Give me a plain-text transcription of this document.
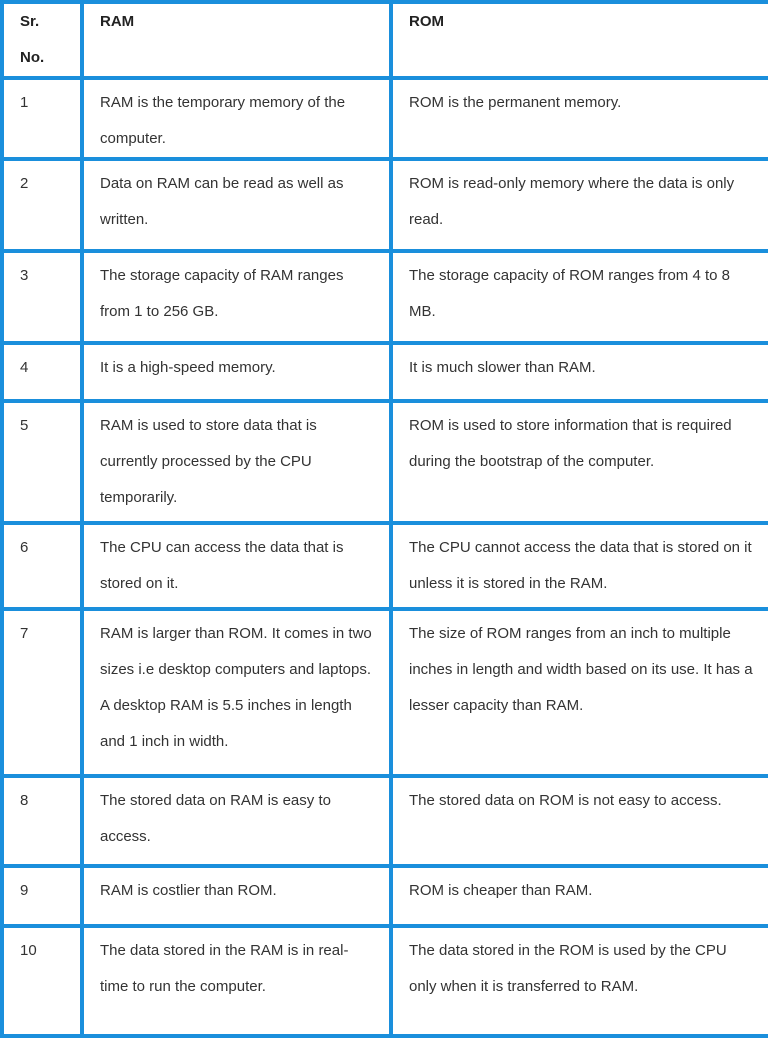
Sr. No.	RAM	ROM
1	RAM is the temporary memory of the computer.	ROM is the permanent memory.
2	Data on RAM can be read as well as written.	ROM is read-only memory where the data is only read.
3	The storage capacity of RAM ranges from 1 to 256 GB.	The storage capacity of ROM ranges from 4 to 8 MB.
4	It is a high-speed memory.	It is much slower than RAM.
5	RAM is used to store data that is currently processed by the CPU temporarily.	ROM is used to store information that is required during the bootstrap of the computer.
6	The CPU can access the data that is stored on it.	The CPU cannot access the data that is stored on it unless it is stored in the RAM.
7	RAM is larger than ROM. It comes in two sizes i.e desktop computers and laptops. A desktop RAM is 5.5 inches in length and 1 inch in width.	The size of ROM ranges from an inch to multiple inches in length and width based on its use. It has a lesser capacity than RAM.
8	The stored data on RAM is easy to access.	The stored data on ROM is not easy to access.
9	RAM is costlier than ROM.	ROM is cheaper than RAM.
10	The data stored in the RAM is in real-time to run the computer.	The data stored in the ROM is used by the CPU only when it is transferred to RAM.
